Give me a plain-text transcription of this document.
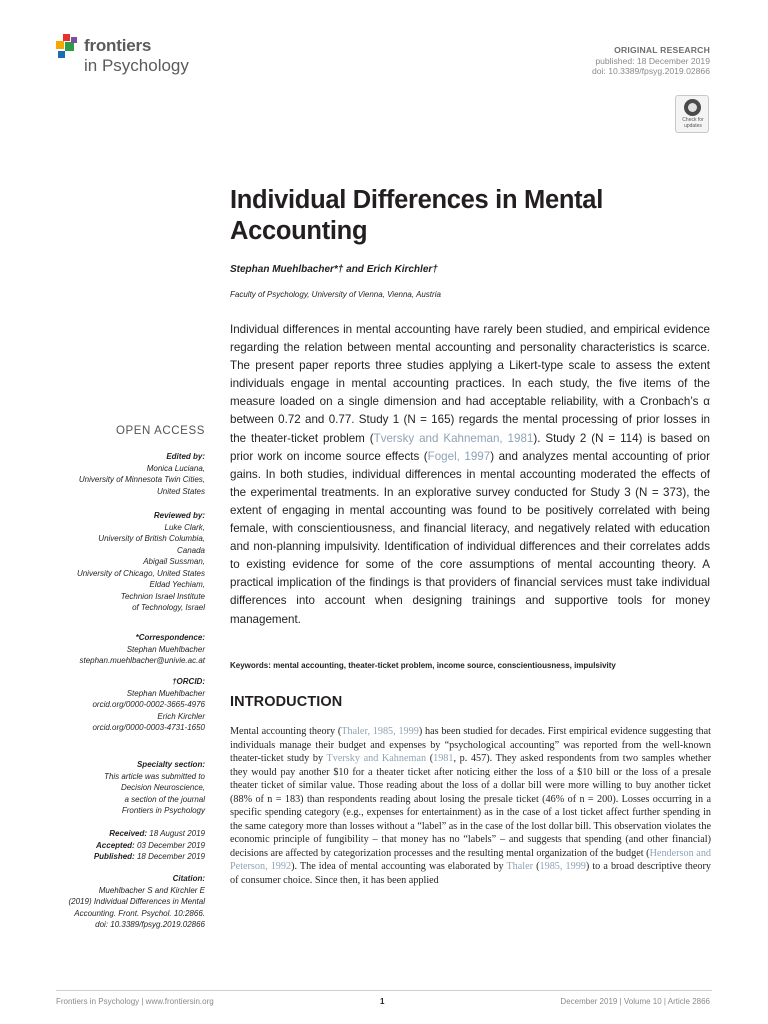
frontiers
in Psychology
ORIGINAL RESEARCH
published: 18 December 2019
doi: 10.3389/fpsyg.2019.02866
Check for updates
Individual Differences in Mental Accounting
Stephan Muehlbacher*† and Erich Kirchler†
Faculty of Psychology, University of Vienna, Vienna, Austria
Individual differences in mental accounting have rarely been studied, and empirical evidence regarding the relation between mental accounting and personality characteristics is scarce. The present paper reports three studies applying a Likert-type scale to assess the extent individuals engage in mental accounting practices. In each study, the five items of the measure loaded on a single dimension and had acceptable reliability, with a Cronbach’s α between 0.72 and 0.77. Study 1 (N = 165) regards the mental processing of prior losses in the theater-ticket problem (Tversky and Kahneman, 1981). Study 2 (N = 114) is based on prior work on income source effects (Fogel, 1997) and analyzes mental accounting of prior gains. In both studies, individual differences in mental accounting moderated the effects of the experimental treatments. In an explorative survey conducted for Study 3 (N = 373), the extent of engaging in mental accounting was found to be positively correlated with being female, with conscientiousness, and financial literacy, and negatively related with education and non-planning impulsivity. Identification of individual differences and their correlates adds to existing evidence for some of the core assumptions of mental accounting theory. A practical implication of the findings is that providers of financial services must take individual differences into account when designing trainings and supportive tools for money management.
Keywords: mental accounting, theater-ticket problem, income source, conscientiousness, impulsivity
INTRODUCTION
Mental accounting theory (Thaler, 1985, 1999) has been studied for decades. First empirical evidence suggesting that individuals manage their budget and expenses by “psychological accounting” was reported from the well-known theater-ticket study by Tversky and Kahneman (1981, p. 457). They asked respondents from two samples whether they would pay another $10 for a theater ticket after noticing either the loss of a $10 bill or the loss of a presale theater ticket of similar value. Those reading about the loss of a dollar bill were more willing to buy another ticket (88% of n = 183) than respondents reading about losing the presale ticket (46% of n = 200). Losses occurring in a specific spending category (e.g., expenses for entertainment) as in the case of a lost ticket affect further spending in the same category more than losses without a “label” as in the case of the lost dollar bill. This observation violates the economic principle of fungibility – that money has no “labels” – and suggests that spending (and other financial) decisions are affected by categorization processes and the resulting mental organization of the budget (Henderson and Peterson, 1992). The idea of mental accounting was elaborated by Thaler (1985, 1999) to a broad descriptive theory of consumer choice. Since then, it has been applied
OPEN ACCESS
Edited by:
Monica Luciana,
University of Minnesota Twin Cities,
United States
Reviewed by:
Luke Clark,
University of British Columbia,
Canada
Abigail Sussman,
University of Chicago, United States
Eldad Yechiam,
Technion Israel Institute
of Technology, Israel
*Correspondence:
Stephan Muehlbacher
stephan.muehlbacher@univie.ac.at
†ORCID:
Stephan Muehlbacher
orcid.org/0000-0002-3665-4976
Erich Kirchler
orcid.org/0000-0003-4731-1650
Specialty section:
This article was submitted to
Decision Neuroscience,
a section of the journal
Frontiers in Psychology
Received: 18 August 2019
Accepted: 03 December 2019
Published: 18 December 2019
Citation:
Muehlbacher S and Kirchler E
(2019) Individual Differences in Mental
Accounting. Front. Psychol. 10:2866.
doi: 10.3389/fpsyg.2019.02866
Frontiers in Psychology | www.frontiersin.org	1	December 2019 | Volume 10 | Article 2866
